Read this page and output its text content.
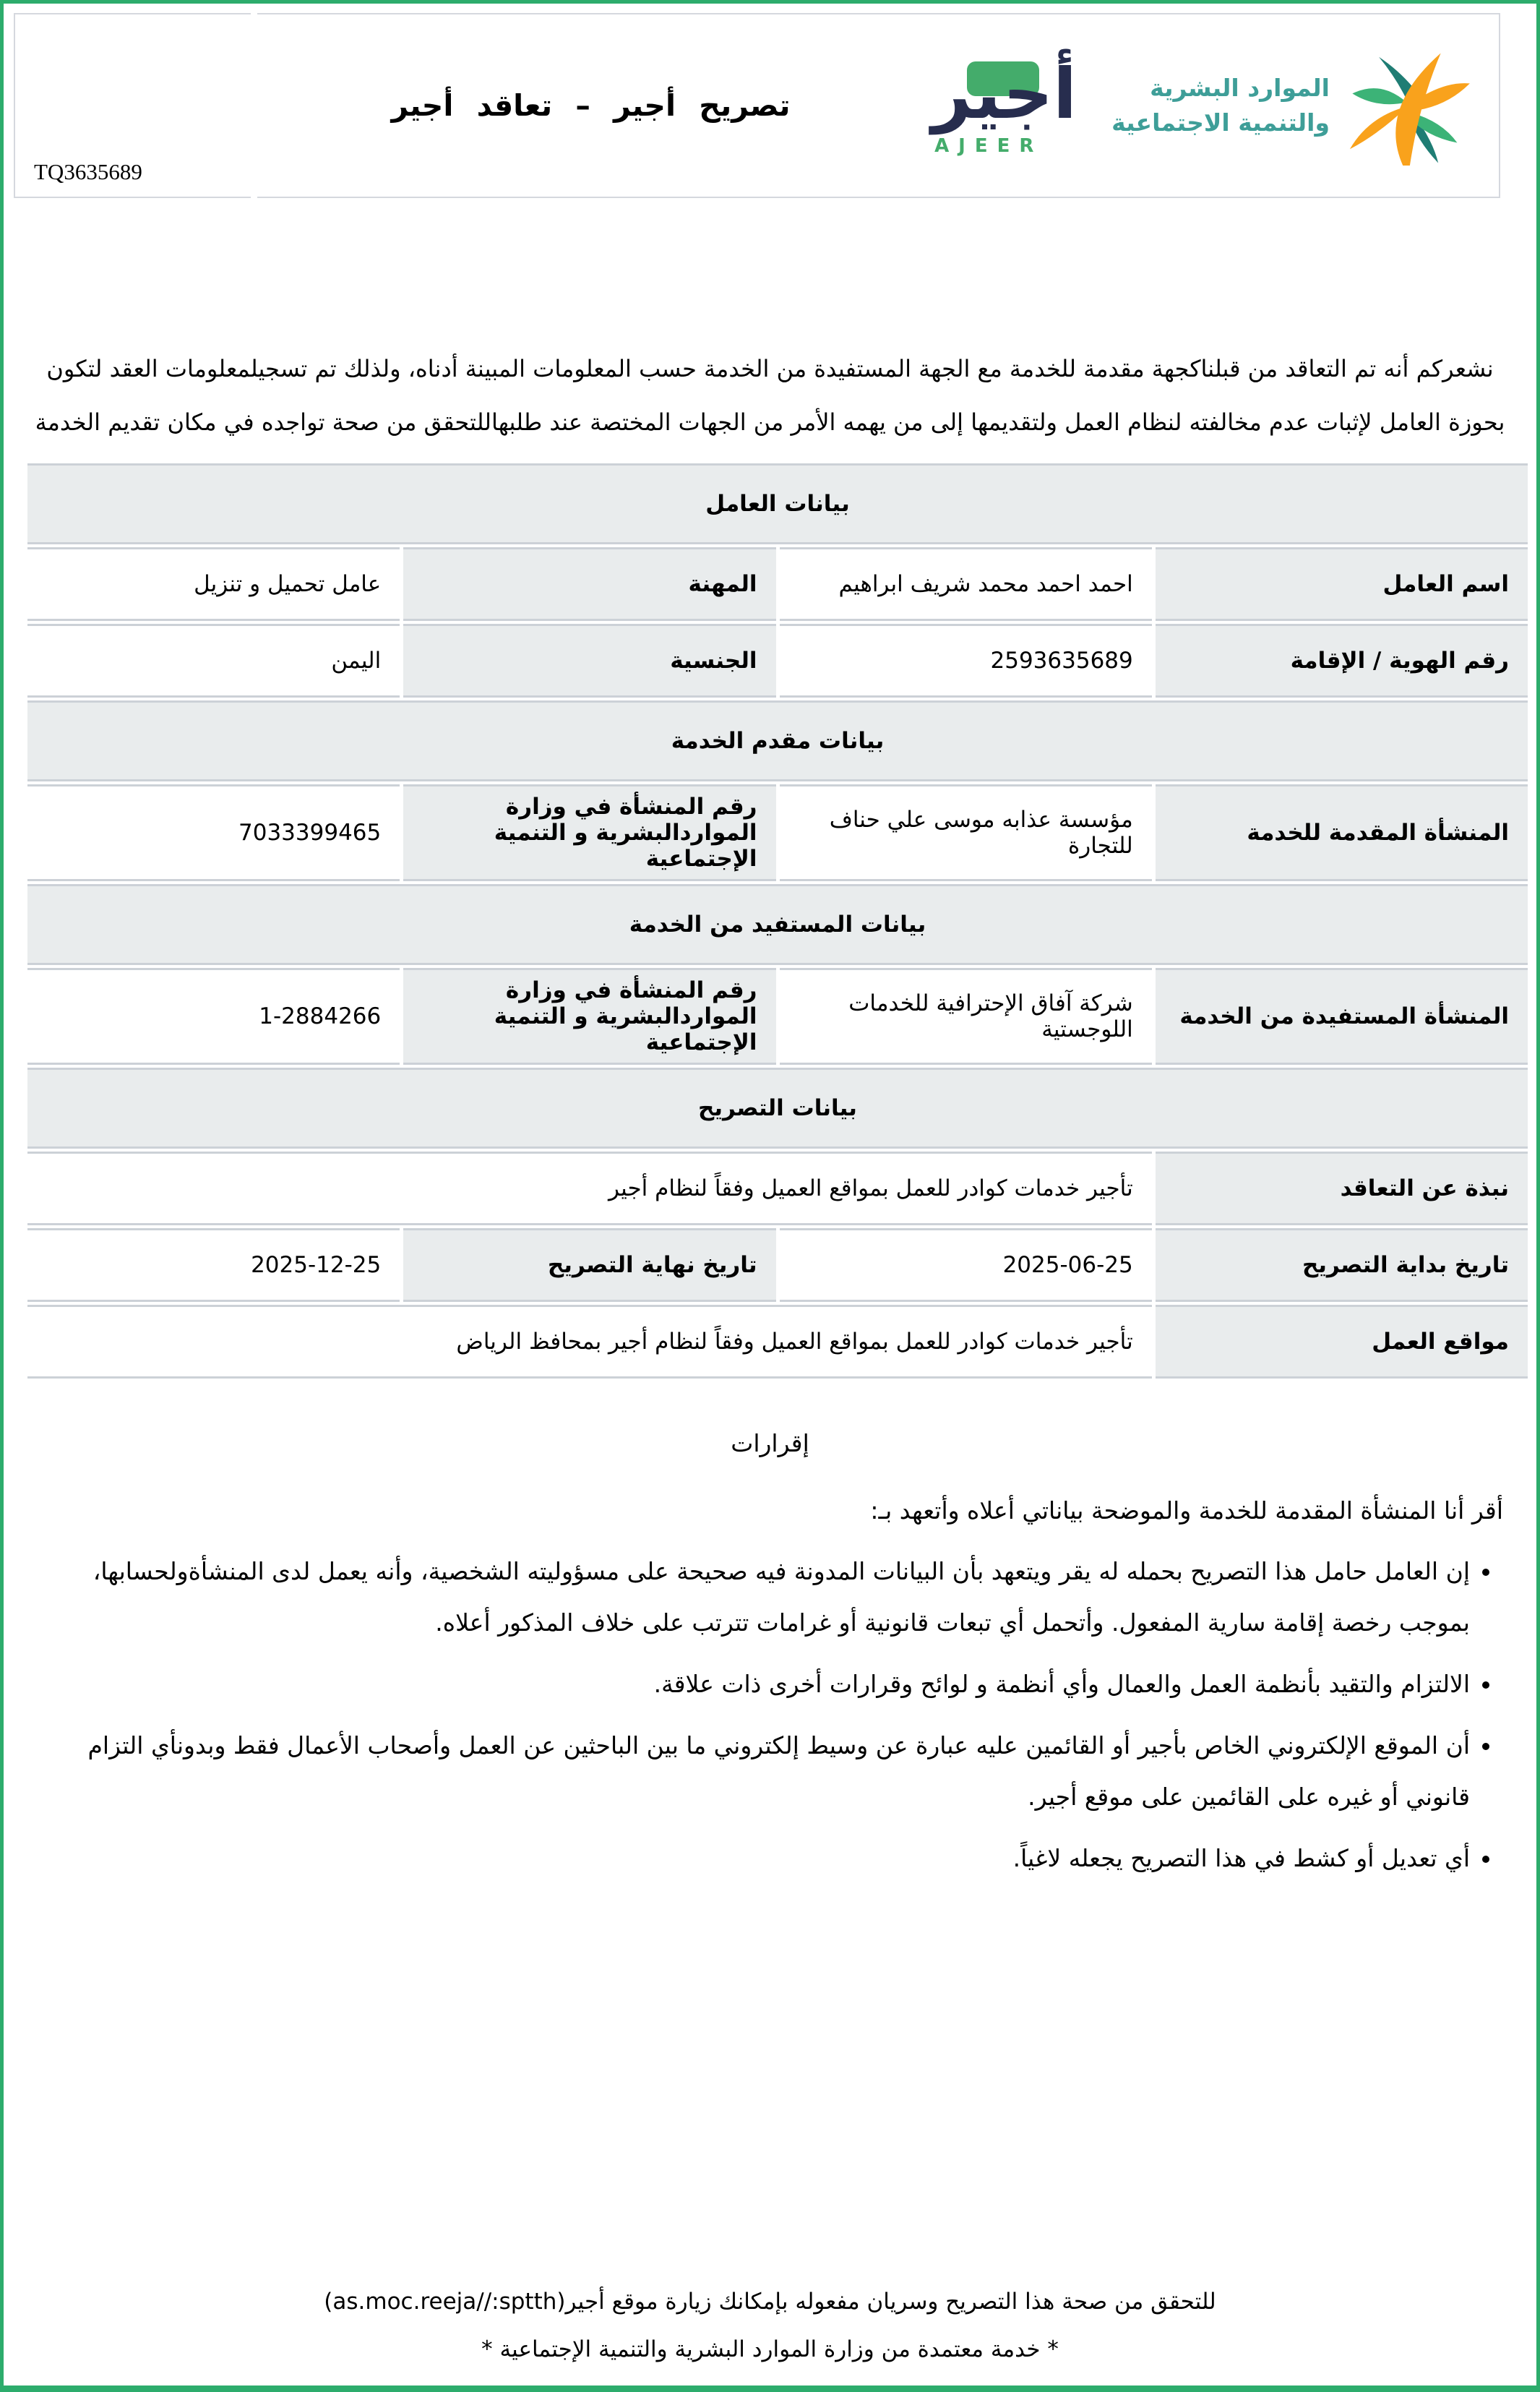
TQ3635689
تصريح أجير – تعاقد أجير	أجير
AJEER
الموارد البشرية
والتنمية الاجتماعية
نشعركم أنه تم التعاقد من قبلناكجهة مقدمة للخدمة مع الجهة المستفيدة من الخدمة حسب المعلومات المبينة أدناه، ولذلك تم تسجيلمعلومات العقد لتكون بحوزة العامل لإثبات عدم مخالفته لنظام العمل ولتقديمها إلى من يهمه الأمر من الجهات المختصة عند طلبهاللتحقق من صحة تواجده في مكان تقديم الخدمة
بيانات العامل			
اسم العامل	احمد احمد محمد شريف ابراهيم	المهنة	عامل تحميل و تنزيل
رقم الهوية / الإقامة	2593635689	الجنسية	اليمن
بيانات مقدم الخدمة			
المنشأة المقدمة للخدمة	مؤسسة عذابه موسى علي حناف للتجارة	رقم المنشأة في وزارة المواردالبشرية و التنمية الإجتماعية	7033399465
بيانات المستفيد من الخدمة			
المنشأة المستفيدة من الخدمة	شركة آفاق الإحترافية للخدمات اللوجستية	رقم المنشأة في وزارة المواردالبشرية و التنمية الإجتماعية	1-2884266
بيانات التصريح			
نبذة عن التعاقد	تأجير خدمات كوادر للعمل بمواقع العميل وفقاً لنظام أجير		
تاريخ بداية التصريح	2025-06-25	تاريخ نهاية التصريح	2025-12-25
مواقع العمل	تأجير خدمات كوادر للعمل بمواقع العميل وفقاً لنظام أجير بمحافظ الرياض		
إقرارات
أقر أنا المنشأة المقدمة للخدمة والموضحة بياناتي أعلاه وأتعهد بـ:
• إن العامل حامل هذا التصريح بحمله له يقر ويتعهد بأن البيانات المدونة فيه صحيحة على مسؤوليته الشخصية، وأنه يعمل لدى المنشأةولحسابها، بموجب رخصة إقامة سارية المفعول. وأتحمل أي تبعات قانونية أو غرامات تترتب على خلاف المذكور أعلاه.
• الالتزام والتقيد بأنظمة العمل والعمال وأي أنظمة و لوائح وقرارات أخرى ذات علاقة.
• أن الموقع الإلكتروني الخاص بأجير أو القائمين عليه عبارة عن وسيط إلكتروني ما بين الباحثين عن العمل وأصحاب الأعمال فقط وبدونأي التزام قانوني أو غيره على القائمين على موقع أجير.
• أي تعديل أو كشط في هذا التصريح يجعله لاغياً.
للتحقق من صحة هذا التصريح وسريان مفعوله بإمكانك زيارة موقع أجير(as.moc.reeja//:sptth)
* خدمة معتمدة من وزارة الموارد البشرية والتنمية الإجتماعية *
